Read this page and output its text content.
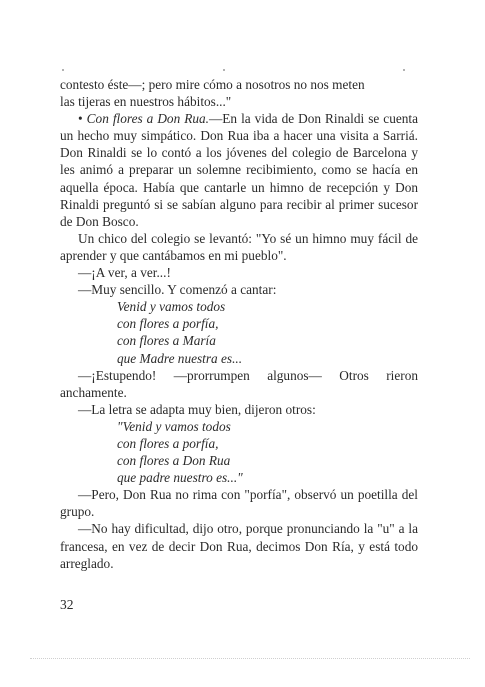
contesto éste—; pero mire cómo a nosotros no nos meten
las tijeras en nuestros hábitos..."

• Con flores a Don Rua.—En la vida de Don Rinaldi se cuenta un hecho muy simpático. Don Rua iba a hacer una visita a Sarriá. Don Rinaldi se lo contó a los jóvenes del colegio de Barcelona y les animó a preparar un solemne recibimiento, como se hacía en aquella época. Había que cantarle un himno de recepción y Don Rinaldi preguntó si se sabían alguno para recibir al primer sucesor de Don Bosco.

Un chico del colegio se levantó: "Yo sé un himno muy fácil de aprender y que cantábamos en mi pueblo".

—¡A ver, a ver...!

—Muy sencillo. Y comenzó a cantar:

Venid y vamos todos

con flores a porfía,

con flores a María

que Madre nuestra es...

—¡Estupendo! —prorrumpen algunos— Otros rieron anchamente.

—La letra se adapta muy bien, dijeron otros:

"Venid y vamos todos

con flores a porfía,

con flores a Don Rua

que padre nuestro es..."

—Pero, Don Rua no rima con "porfía", observó un poetilla del grupo.

—No hay dificultad, dijo otro, porque pronunciando la "u" a la francesa, en vez de decir Don Rua, decimos Don Ría, y está todo arreglado.

32
